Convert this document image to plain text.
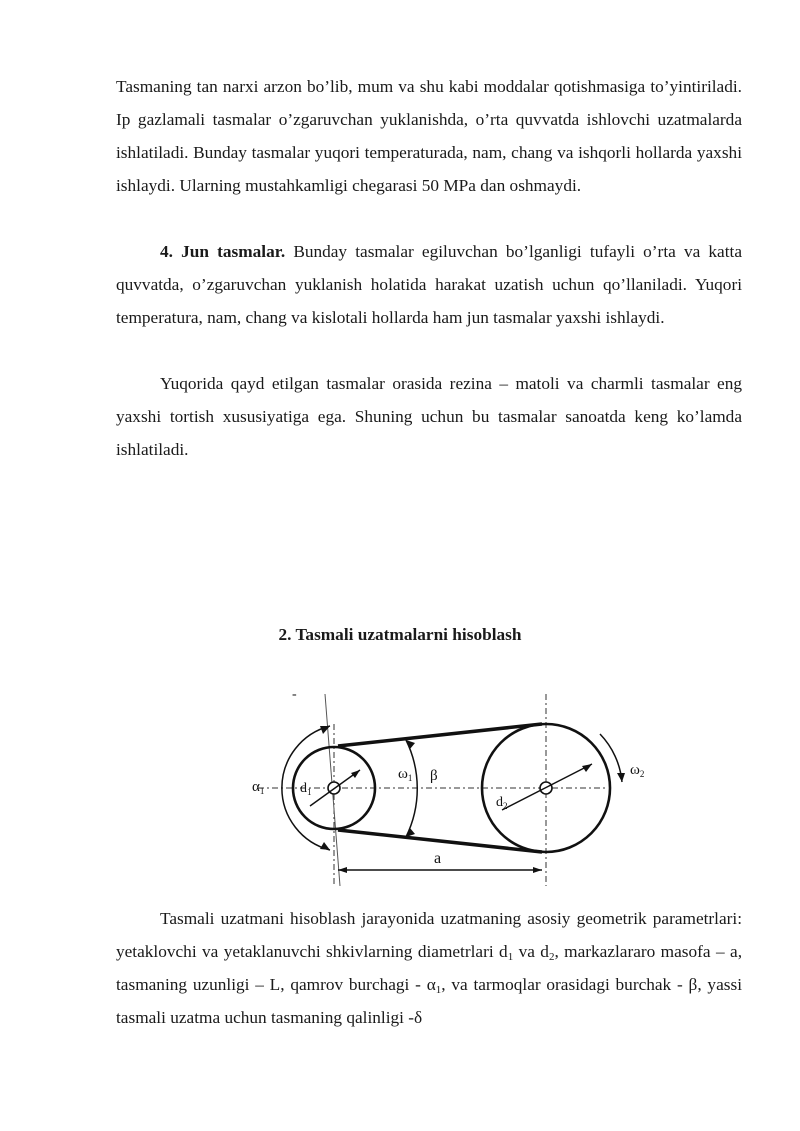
Tasmaning tan narxi arzon bo’lib, mum va shu kabi moddalar qotishmasiga to’yintiriladi. Ip gazlamali tasmalar o’zgaruvchan yuklanishda, o’rta quvvatda ishlovchi uzatmalarda ishlatiladi. Bunday tasmalar yuqori temperaturada, nam, chang va ishqorli hollarda yaxshi ishlaydi. Ularning mustahkamligi chegarasi 50 MPa dan oshmaydi.

4. Jun tasmalar. Bunday tasmalar egiluvchan bo’lganligi tufayli o’rta va katta quvvatda, o’zgaruvchan yuklanish holatida harakat uzatish uchun qo’llaniladi. Yuqori temperatura, nam, chang va kislotali hollarda ham jun tasmalar yaxshi ishlaydi.

Yuqorida qayd etilgan tasmalar orasida rezina – matoli va charmli tasmalar eng yaxshi tortish xususiyatiga ega. Shuning uchun bu tasmalar sanoatda keng ko’lamda ishlatiladi.

2. Tasmali uzatmalarni hisoblash

-
$\alpha_1$	$d_1$
$\omega_1$ β
$d_2$
$\omega_2$
a

Tasmali uzatmani hisoblash jarayonida uzatmaning asosiy geometrik parametrlari: yetaklovchi va yetaklanuvchi shkivlarning diametrlari $d_1$ va $d_2$, markazlararo masofa – a, tasmaning uzunligi – L, qamrov burchagi - $\alpha_1$, va tarmoqlar orasidagi burchak - β, yassi tasmali uzatma uchun tasmaning qalinligi -δ
